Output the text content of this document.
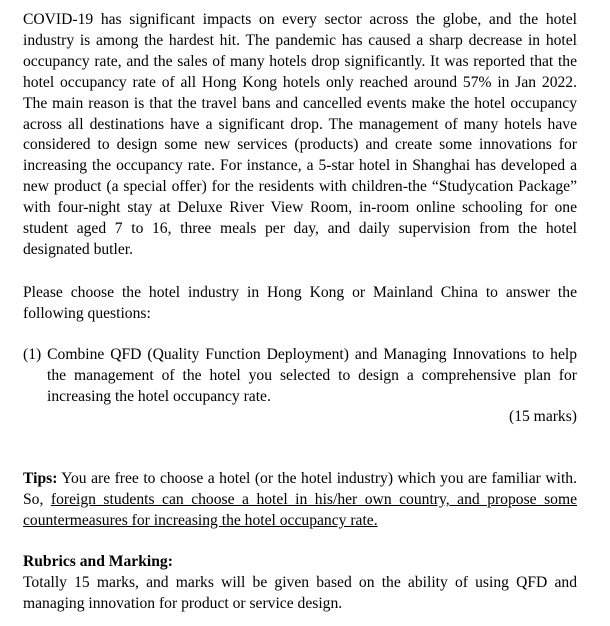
COVID-19 has significant impacts on every sector across the globe, and the hotel industry is among the hardest hit. The pandemic has caused a sharp decrease in hotel occupancy rate, and the sales of many hotels drop significantly. It was reported that the hotel occupancy rate of all Hong Kong hotels only reached around 57% in Jan 2022. The main reason is that the travel bans and cancelled events make the hotel occupancy across all destinations have a significant drop. The management of many hotels have considered to design some new services (products) and create some innovations for increasing the occupancy rate. For instance, a 5-star hotel in Shanghai has developed a new product (a special offer) for the residents with children-the “Studycation Package” with four-night stay at Deluxe River View Room, in-room online schooling for one student aged 7 to 16, three meals per day, and daily supervision from the hotel designated butler.

Please choose the hotel industry in Hong Kong or Mainland China to answer the following questions:

(1) Combine QFD (Quality Function Deployment) and Managing Innovations to help the management of the hotel you selected to design a comprehensive plan for increasing the hotel occupancy rate.

(15 marks)

Tips: You are free to choose a hotel (or the hotel industry) which you are familiar with. So, foreign students can choose a hotel in his/her own country, and propose some countermeasures for increasing the hotel occupancy rate.

Rubrics and Marking:

Totally 15 marks, and marks will be given based on the ability of using QFD and managing innovation for product or service design.
